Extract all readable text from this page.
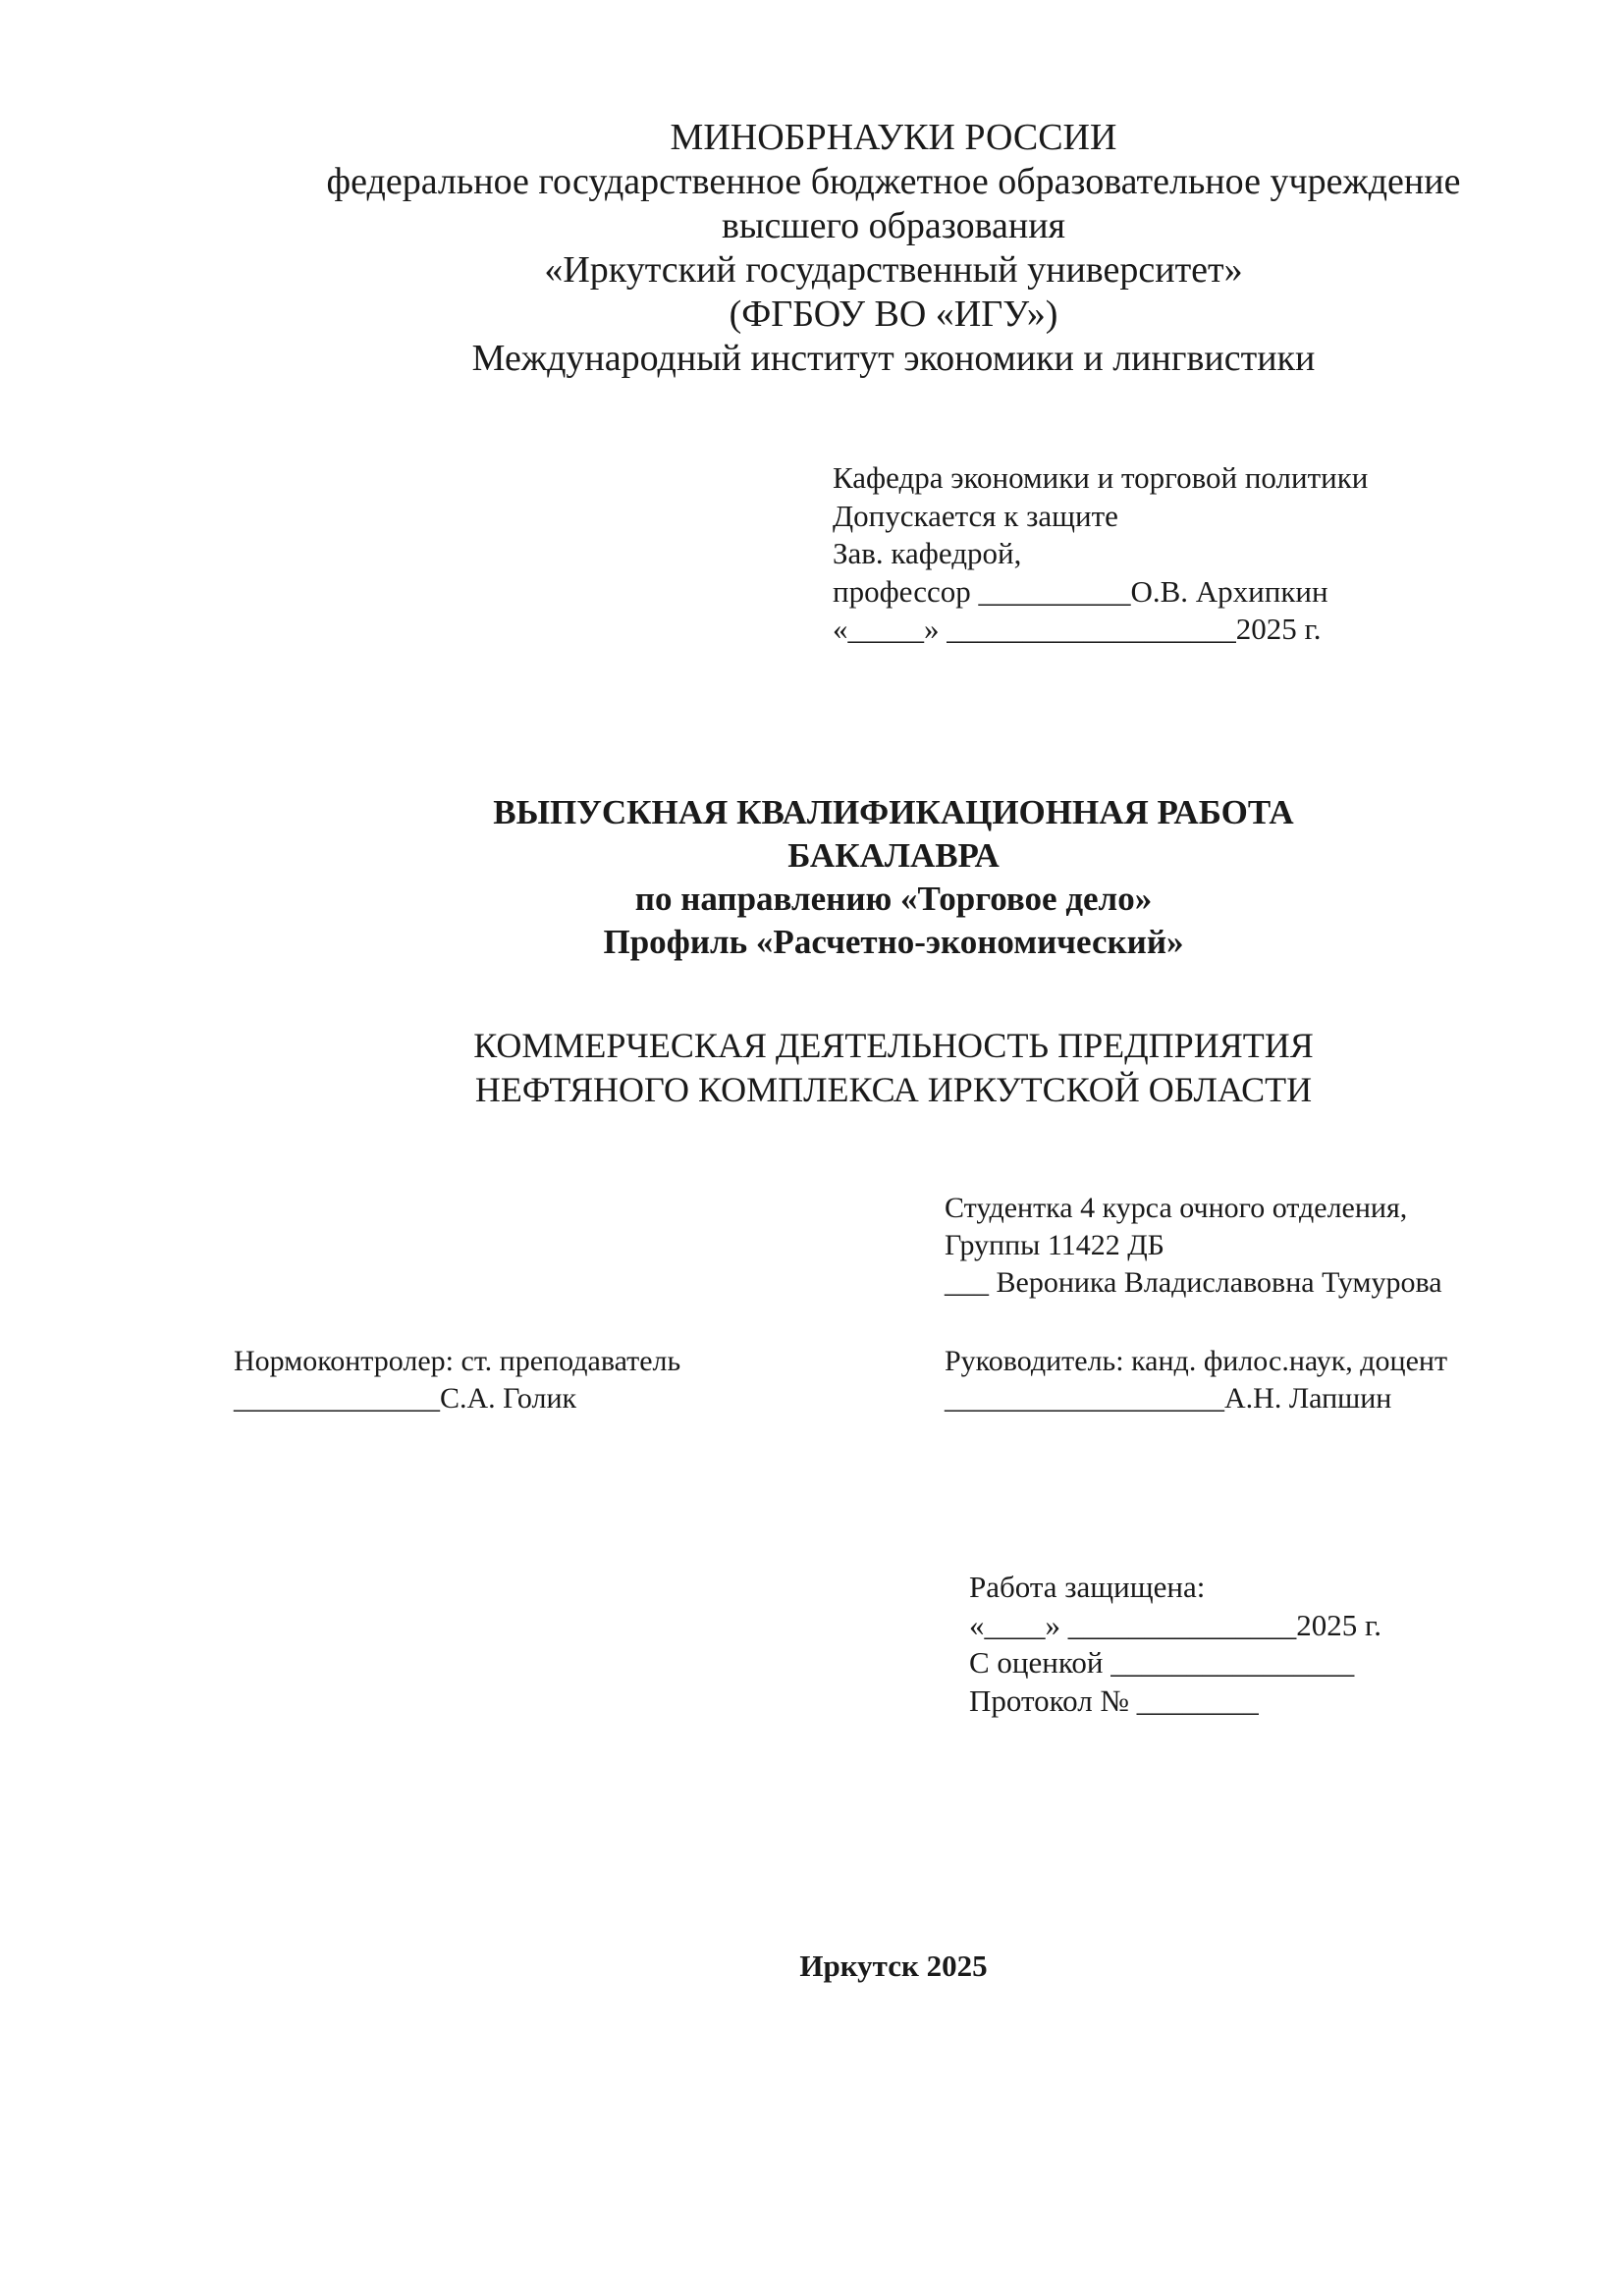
МИНОБРНАУКИ РОССИИ
федеральное государственное бюджетное образовательное учреждение
высшего образования
«Иркутский государственный университет»
(ФГБОУ ВО «ИГУ»)
Международный институт экономики и лингвистики
Кафедра экономики и торговой политики
Допускается к защите
Зав. кафедрой,
профессор __________О.В. Архипкин
«_____» ___________________2025 г.
ВЫПУСКНАЯ КВАЛИФИКАЦИОННАЯ РАБОТА
БАКАЛАВРА
по направлению «Торговое дело»
Профиль «Расчетно-экономический»
КОММЕРЧЕСКАЯ ДЕЯТЕЛЬНОСТЬ ПРЕДПРИЯТИЯ
НЕФТЯНОГО КОМПЛЕКСА ИРКУТСКОЙ ОБЛАСТИ
Студентка 4 курса очного отделения,
Группы 11422 ДБ
___ Вероника Владиславовна Тумурова
Нормоконтролер: ст. преподаватель
______________С.А. Голик
Руководитель: канд. филос.наук, доцент
___________________А.Н. Лапшин
Работа защищена:
«____» _______________2025 г.
С оценкой ________________
Протокол № ________
Иркутск 2025
